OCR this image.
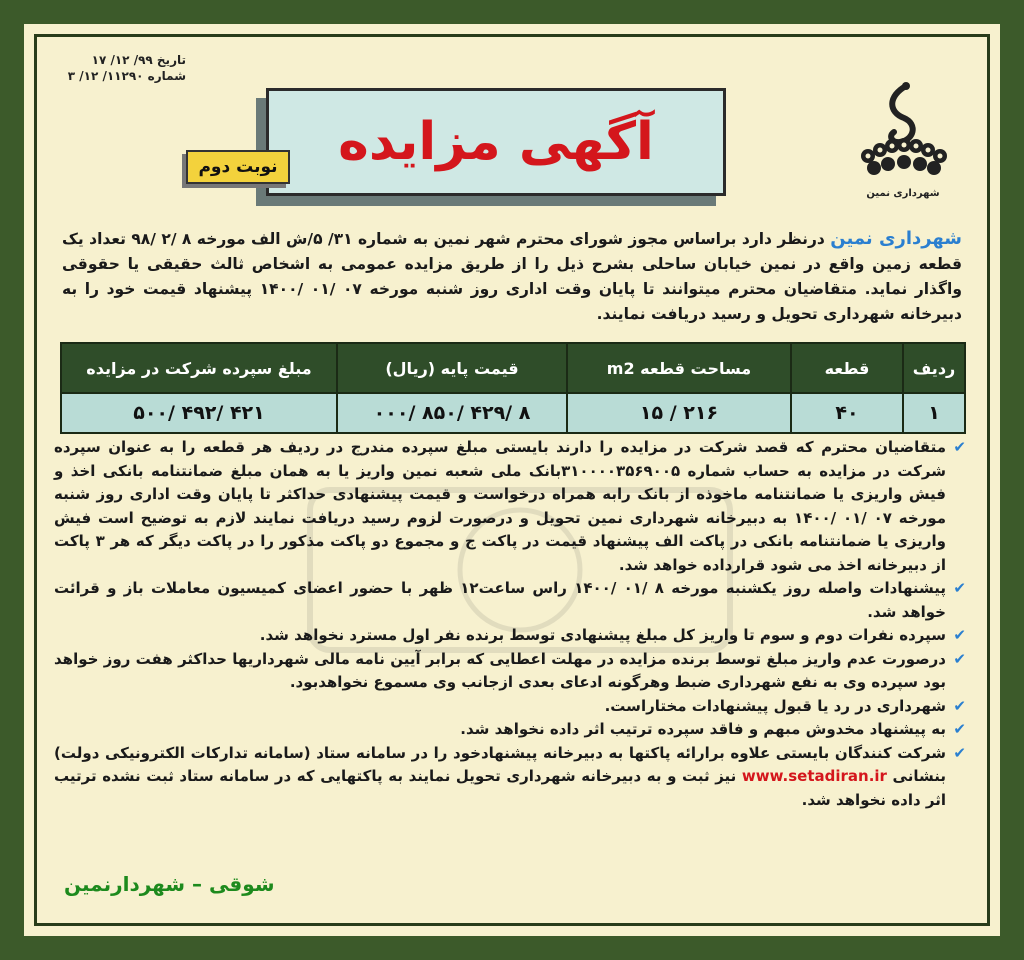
تاریخ ۹۹/ ۱۲/ ۱۷
شماره ۱۱۲۹۰/ ۱۲/ ۳
آگهی مزایده
نوبت دوم
شهرداری نمین
شهرداری نمین درنظر دارد براساس مجوز شورای محترم شهر نمین به شماره ۳۱/ ۵/ش الف مورخه ۸ /۲ /۹۸ تعداد یک قطعه زمین واقع در نمین خیابان ساحلی بشرح ذیل را از طریق مزایده عمومی به اشخاص ثالث حقیقی یا حقوقی واگذار نماید. متقاضیان محترم میتوانند تا پایان وقت اداری روز شنبه مورخه ۰۷ /۰۱ /۱۴۰۰ پیشنهاد قیمت خود را به دبیرخانه شهرداری تحویل و رسید دریافت نمایند.
ردیف	قطعه	مساحت قطعه m2	قیمت پایه (ریال)	مبلغ سپرده شرکت در مزایده
۱	۴۰	۲۱۶ / ۱۵	۸ /۴۲۹ /۸۵۰ /۰۰۰	۴۲۱ /۴۹۲ /۵۰۰
✔
متقاضیان محترم که قصد شرکت در مزایده را دارند بایستی مبلغ سپرده مندرج در ردیف هر قطعه را به عنوان سپرده شرکت در مزایده به حساب شماره ۳۱۰۰۰۰۳۵۶۹۰۰۵بانک ملی شعبه نمین واریز یا به همان مبلغ ضمانتنامه بانکی اخذ و فیش واریزی یا ضمانتنامه ماخوذه از بانک رابه همراه درخواست و قیمت پیشنهادی حداکثر تا پایان وقت اداری روز شنبه مورخه ۰۷ /۰۱ /۱۴۰۰ به دبیرخانه شهرداری نمین تحویل و درصورت لزوم رسید دریافت نمایند لازم به توضیح است فیش واریزی یا ضمانتنامه بانکی در پاکت الف پیشنهاد قیمت در پاکت ج و مجموع دو پاکت مذکور را در پاکت دیگر که هر ۳ پاکت از دبیرخانه اخذ می شود قرارداده خواهد شد.
✔
پیشنهادات واصله روز یکشنبه مورخه ۸ /۰۱ /۱۴۰۰ راس ساعت۱۲ ظهر با حضور اعضای کمیسیون معاملات باز و قرائت خواهد شد.
✔
سپرده نفرات دوم و سوم تا واریز کل مبلغ پیشنهادی توسط برنده نفر اول مسترد نخواهد شد.
✔
درصورت عدم واریز مبلغ توسط برنده مزایده در مهلت اعطایی که برابر آیین نامه مالی شهرداریها حداکثر هفت روز خواهد بود سپرده وی به نفع شهرداری ضبط وهرگونه ادعای بعدی ازجانب وی مسموع نخواهدبود.
✔
شهرداری در رد یا قبول پیشنهادات مختاراست.
✔
به پیشنهاد مخدوش مبهم و فاقد سپرده ترتیب اثر داده نخواهد شد.
✔
شرکت کنندگان بایستی علاوه برارائه پاکتها به دبیرخانه پیشنهادخود را در سامانه ستاد (سامانه تدارکات الکترونیکی دولت) بنشانی www.setadiran.ir نیز ثبت و به دبیرخانه شهرداری تحویل نمایند به پاکتهایی که در سامانه ستاد ثبت نشده ترتیب اثر داده نخواهد شد.
شوقی – شهردارنمین
